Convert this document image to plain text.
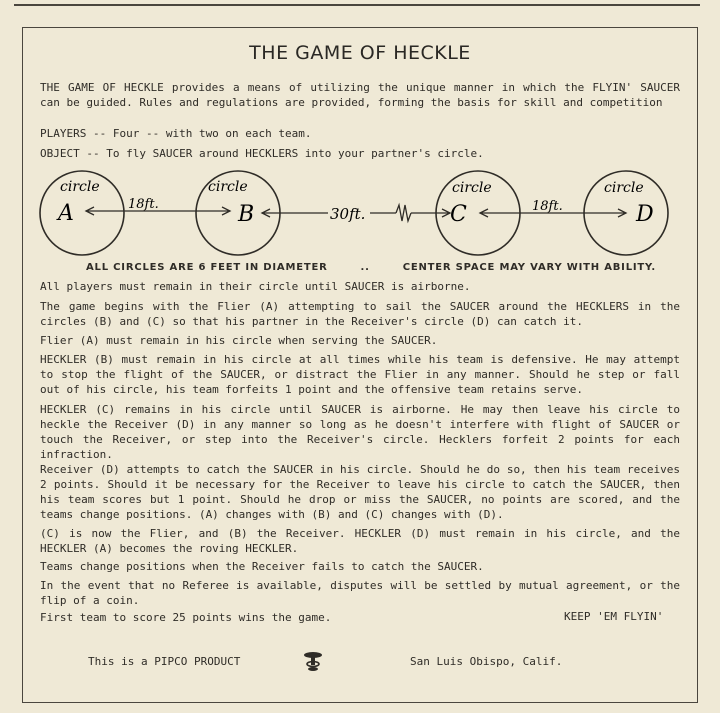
THE GAME OF HECKLE

THE GAME OF HECKLE provides a means of utilizing the unique manner in which the FLYIN' SAUCER can be guided. Rules and regulations are provided, forming the basis for skill and competition

PLAYERS -- Four -- with two on each team.

OBJECT -- To fly SAUCER around HECKLERS into your partner's circle.

circle	circle	circle	circle
A	B	C	D
18ft.
30ft.	18ft.
ALL CIRCLES ARE 6 FEET IN DIAMETER	..	CENTER SPACE MAY VARY WITH ABILITY.

All players must remain in their circle until SAUCER is airborne.

The game begins with the Flier (A) attempting to sail the SAUCER around the HECKLERS in the circles (B) and (C) so that his partner in the Receiver's circle (D) can catch it.

Flier (A) must remain in his circle when serving the SAUCER.

HECKLER (B) must remain in his circle at all times while his team is defensive. He may attempt to stop the flight of the SAUCER, or distract the Flier in any manner. Should he step or fall out of his circle, his team forfeits 1 point and the offensive team retains serve.

HECKLER (C) remains in his circle until SAUCER is airborne. He may then leave his circle to heckle the Receiver (D) in any manner so long as he doesn't interfere with flight of SAUCER or touch the Receiver, or step into the Receiver's circle. Hecklers forfeit 2 points for each infraction.

Receiver (D) attempts to catch the SAUCER in his circle. Should he do so, then his team receives 2 points. Should it be necessary for the Receiver to leave his circle to catch the SAUCER, then his team scores but 1 point. Should he drop or miss the SAUCER, no points are scored, and the teams change positions. (A) changes with (B) and (C) changes with (D).

(C) is now the Flier, and (B) the Receiver. HECKLER (D) must remain in his circle, and the HECKLER (A) becomes the roving HECKLER.

Teams change positions when the Receiver fails to catch the SAUCER.

In the event that no Referee is available, disputes will be settled by mutual agreement, or the flip of a coin.

First team to score 25 points wins the game.	KEEP 'EM FLYIN'
This is a PIPCO PRODUCT	San Luis Obispo, Calif.
